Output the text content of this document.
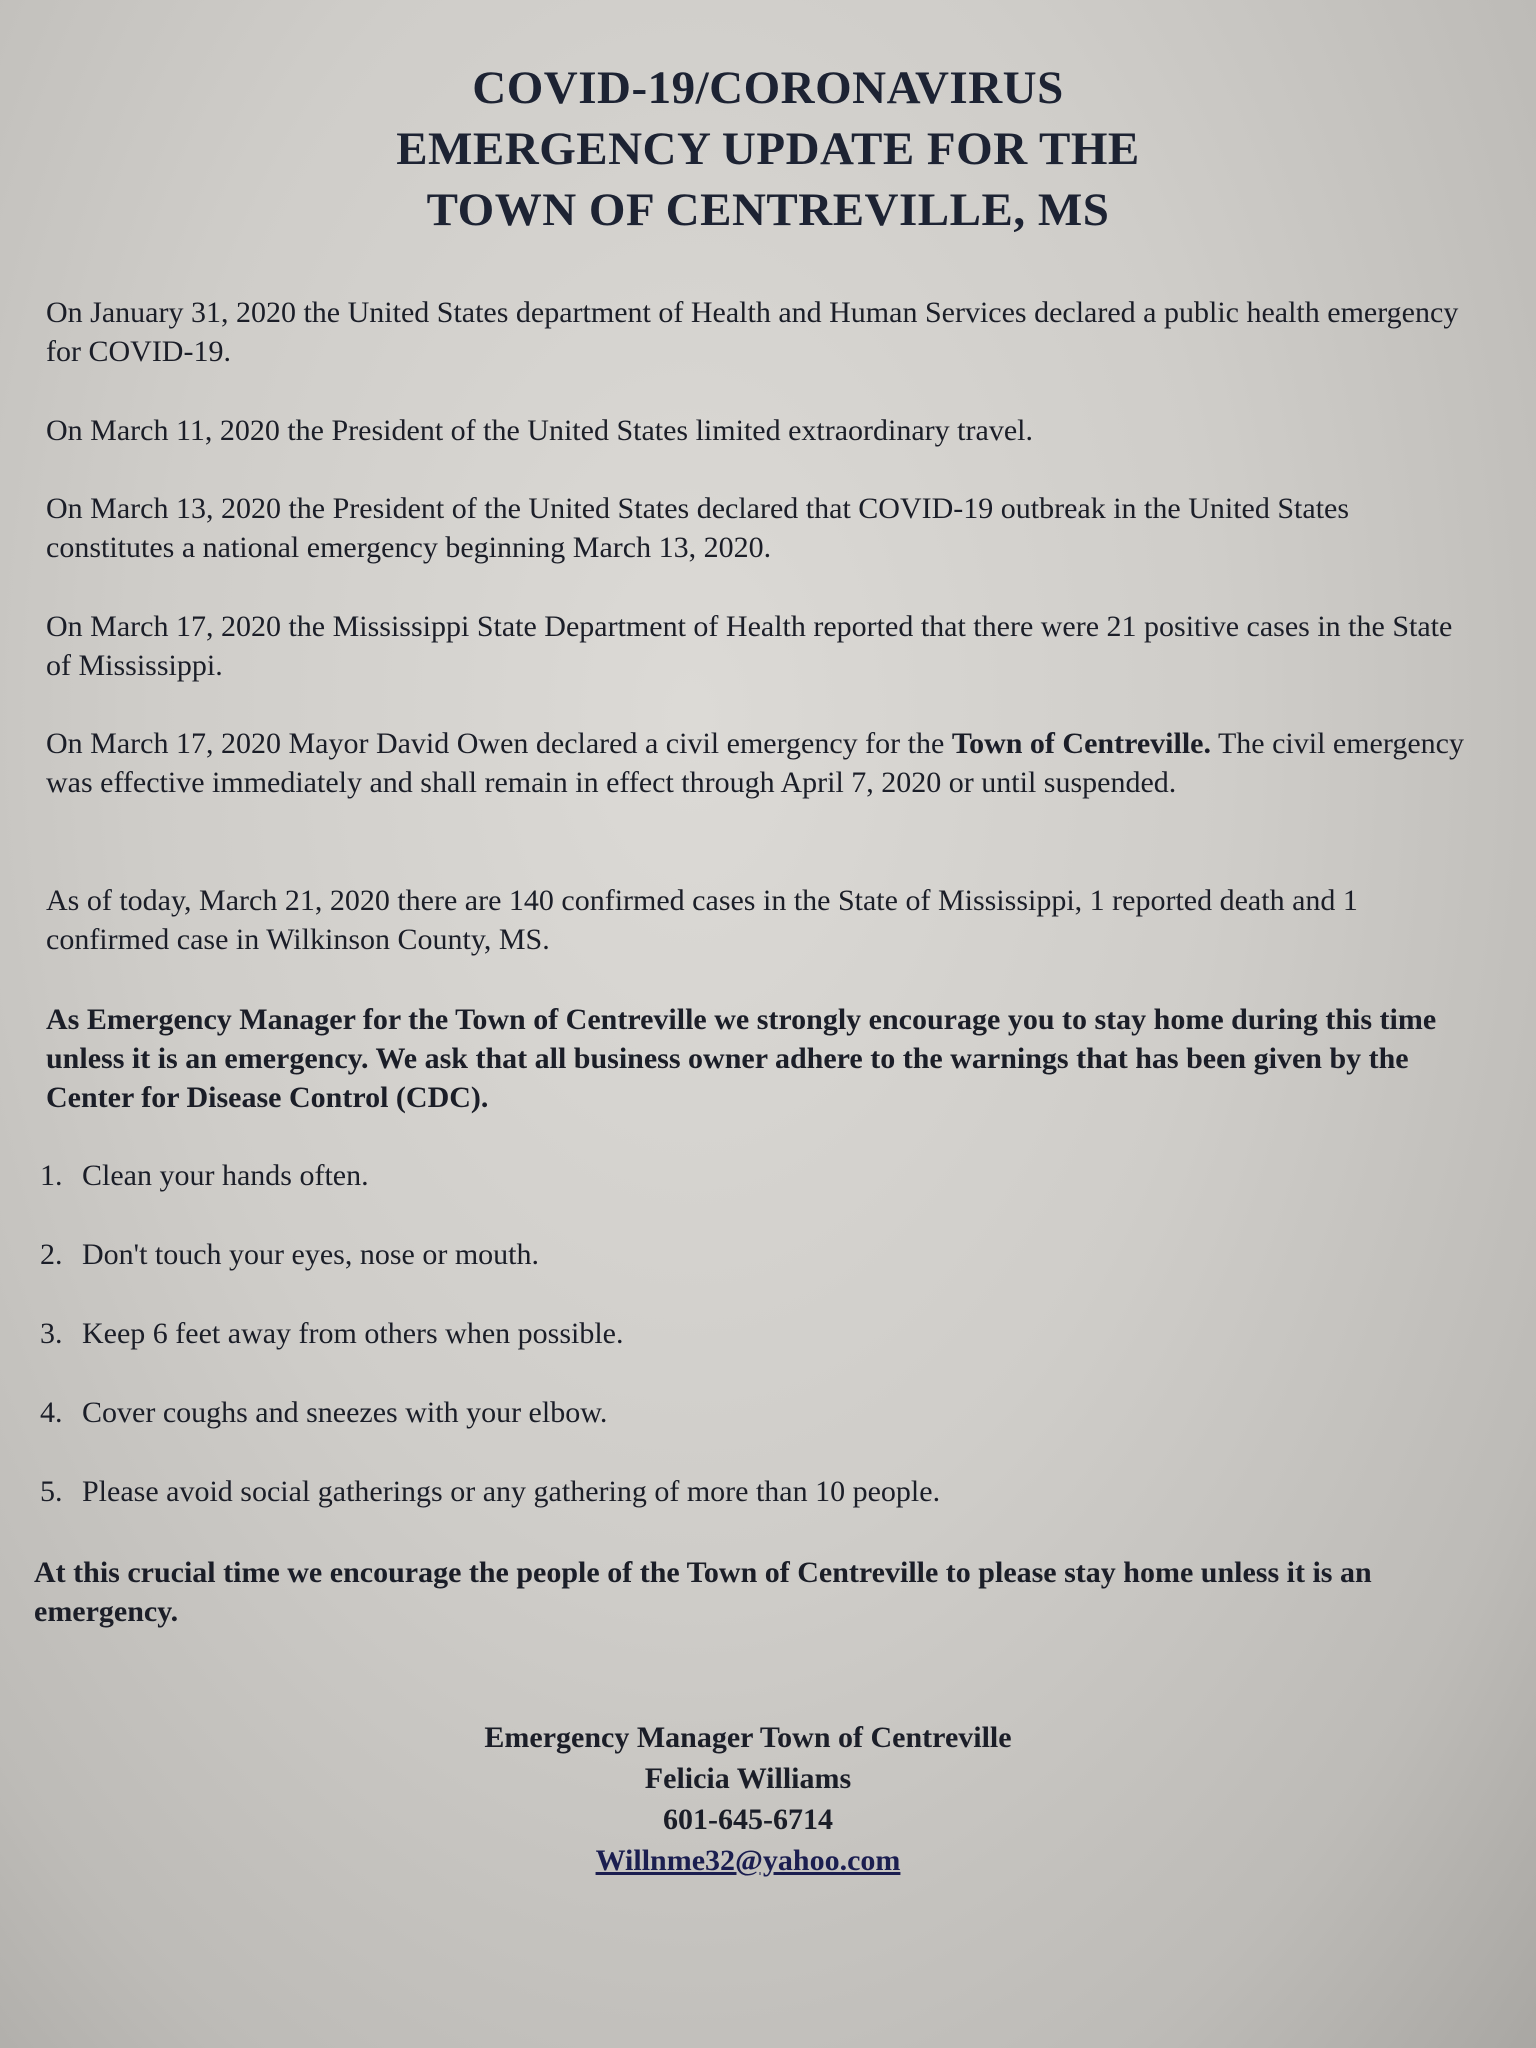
COVID-19/CORONAVIRUS
EMERGENCY UPDATE FOR THE
TOWN OF CENTREVILLE, MS
On January 31, 2020 the United States department of Health and Human Services declared a public health emergency for COVID-19.
On March 11, 2020 the President of the United States limited extraordinary travel.
On March 13, 2020 the President of the United States declared that COVID-19 outbreak in the United States constitutes a national emergency beginning March 13, 2020.
On March 17, 2020 the Mississippi State Department of Health reported that there were 21 positive cases in the State of Mississippi.
On March 17, 2020 Mayor David Owen declared a civil emergency for the Town of Centreville. The civil emergency was effective immediately and shall remain in effect through April 7, 2020 or until suspended.
As of today, March 21, 2020 there are 140 confirmed cases in the State of Mississippi, 1 reported death and 1 confirmed case in Wilkinson County, MS.
As Emergency Manager for the Town of Centreville we strongly encourage you to stay home during this time unless it is an emergency. We ask that all business owner adhere to the warnings that has been given by the Center for Disease Control (CDC).
1. Clean your hands often.
2. Don't touch your eyes, nose or mouth.
3. Keep 6 feet away from others when possible.
4. Cover coughs and sneezes with your elbow.
5. Please avoid social gatherings or any gathering of more than 10 people.
At this crucial time we encourage the people of the Town of Centreville to please stay home unless it is an emergency.
Emergency Manager Town of Centreville
Felicia Williams
601-645-6714
Willnme32@yahoo.com
